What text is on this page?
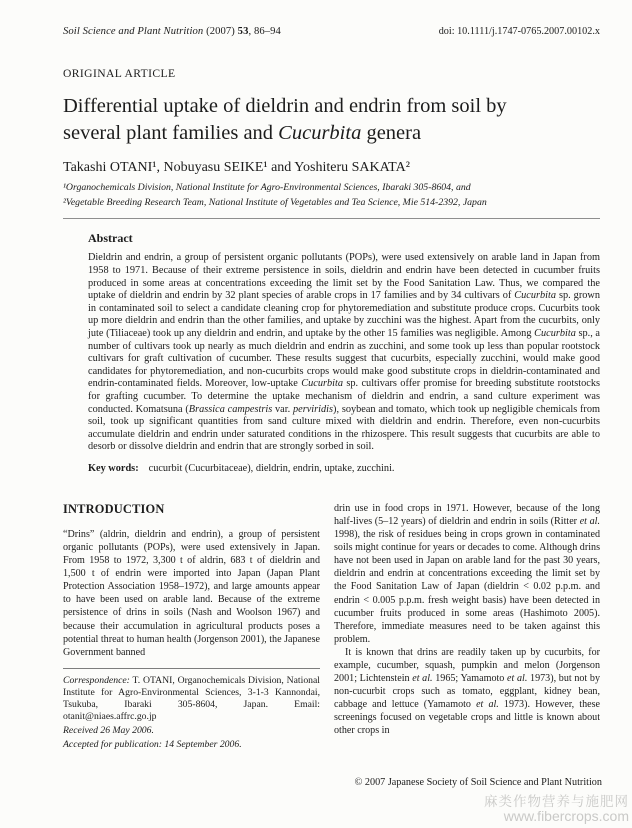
Soil Science and Plant Nutrition (2007) 53, 86–94	doi: 10.1111/j.1747-0765.2007.00102.x
ORIGINAL ARTICLE
Differential uptake of dieldrin and endrin from soil by
several plant families and Cucurbita genera
Takashi OTANI¹, Nobuyasu SEIKE¹ and Yoshiteru SAKATA²
¹Organochemicals Division, National Institute for Agro-Environmental Sciences, Ibaraki 305-8604, and
²Vegetable Breeding Research Team, National Institute of Vegetables and Tea Science, Mie 514-2392, Japan
Abstract

Dieldrin and endrin, a group of persistent organic pollutants (POPs), were used extensively on arable land in Japan from 1958 to 1971. Because of their extreme persistence in soils, dieldrin and endrin have been detected in cucumber fruits produced in some areas at concentrations exceeding the limit set by the Food Sanitation Law. Thus, we compared the uptake of dieldrin and endrin by 32 plant species of arable crops in 17 families and by 34 cultivars of Cucurbita sp. grown in contaminated soil to select a candidate cleaning crop for phytoremediation and substitute produce crops. Cucurbits took up more dieldrin and endrin than the other families, and uptake by zucchini was the highest. Apart from the cucurbits, only jute (Tiliaceae) took up any dieldrin and endrin, and uptake by the other 15 families was negligible. Among Cucurbita sp., a number of cultivars took up nearly as much dieldrin and endrin as zucchini, and some took up less than popular rootstock cultivars for graft cultivation of cucumber. These results suggest that cucurbits, especially zucchini, would make good candidates for phytoremediation, and non-cucurbits crops would make good substitute crops in dieldrin-contaminated and endrin-contaminated fields. Moreover, low-uptake Cucurbita sp. cultivars offer promise for breeding substitute rootstocks for grafting cucumber. To determine the uptake mechanism of dieldrin and endrin, a sand culture experiment was conducted. Komatsuna (Brassica campestris var. perviridis), soybean and tomato, which took up negligible chemicals from soil, took up significant quantities from sand culture mixed with dieldrin and endrin. Therefore, even non-cucurbits accumulate dieldrin and endrin under saturated conditions in the rhizospere. This result suggests that cucurbits are able to desorb or dissolve dieldrin and endrin that are strongly sorbed in soil.

Key words: cucurbit (Cucurbitaceae), dieldrin, endrin, uptake, zucchini.
INTRODUCTION

“Drins” (aldrin, dieldrin and endrin), a group of persistent organic pollutants (POPs), were used extensively in Japan. From 1958 to 1972, 3,300 t of aldrin, 683 t of dieldrin and 1,500 t of endrin were imported into Japan (Japan Plant Protection Association 1958–1972), and large amounts appear to have been used on arable land. Because of the extreme persistence of drins in soils (Nash and Woolson 1967) and because their accumulation in agricultural products poses a potential threat to human health (Jorgenson 2001), the Japanese Government banned

Correspondence: T. OTANI, Organochemicals Division, National Institute for Agro-Environmental Sciences, 3-1-3 Kannondai, Tsukuba, Ibaraki 305-8604, Japan. Email: otanit@niaes.affrc.go.jp

Received 26 May 2006.

Accepted for publication: 14 September 2006.

drin use in food crops in 1971. However, because of the long half-lives (5–12 years) of dieldrin and endrin in soils (Ritter et al. 1998), the risk of residues being in crops grown in contaminated soils might continue for years or decades to come. Although drins have not been used in Japan on arable land for the past 30 years, dieldrin and endrin at concentrations exceeding the limit set by the Food Sanitation Law of Japan (dieldrin < 0.02 p.p.m. and endrin < 0.005 p.p.m. fresh weight basis) have been detected in cucumber fruits produced in some areas (Hashimoto 2005). Therefore, immediate measures need to be taken against this problem.

It is known that drins are readily taken up by cucurbits, for example, cucumber, squash, pumpkin and melon (Jorgenson 2001; Lichtenstein et al. 1965; Yamamoto et al. 1973), but not by non-cucurbit crops such as tomato, eggplant, kidney bean, cabbage and lettuce (Yamamoto et al. 1973). However, these screenings focused on vegetable crops and little is known about other crops in

© 2007 Japanese Society of Soil Science and Plant Nutrition
麻类作物营养与施肥网
www.fibercrops.com
